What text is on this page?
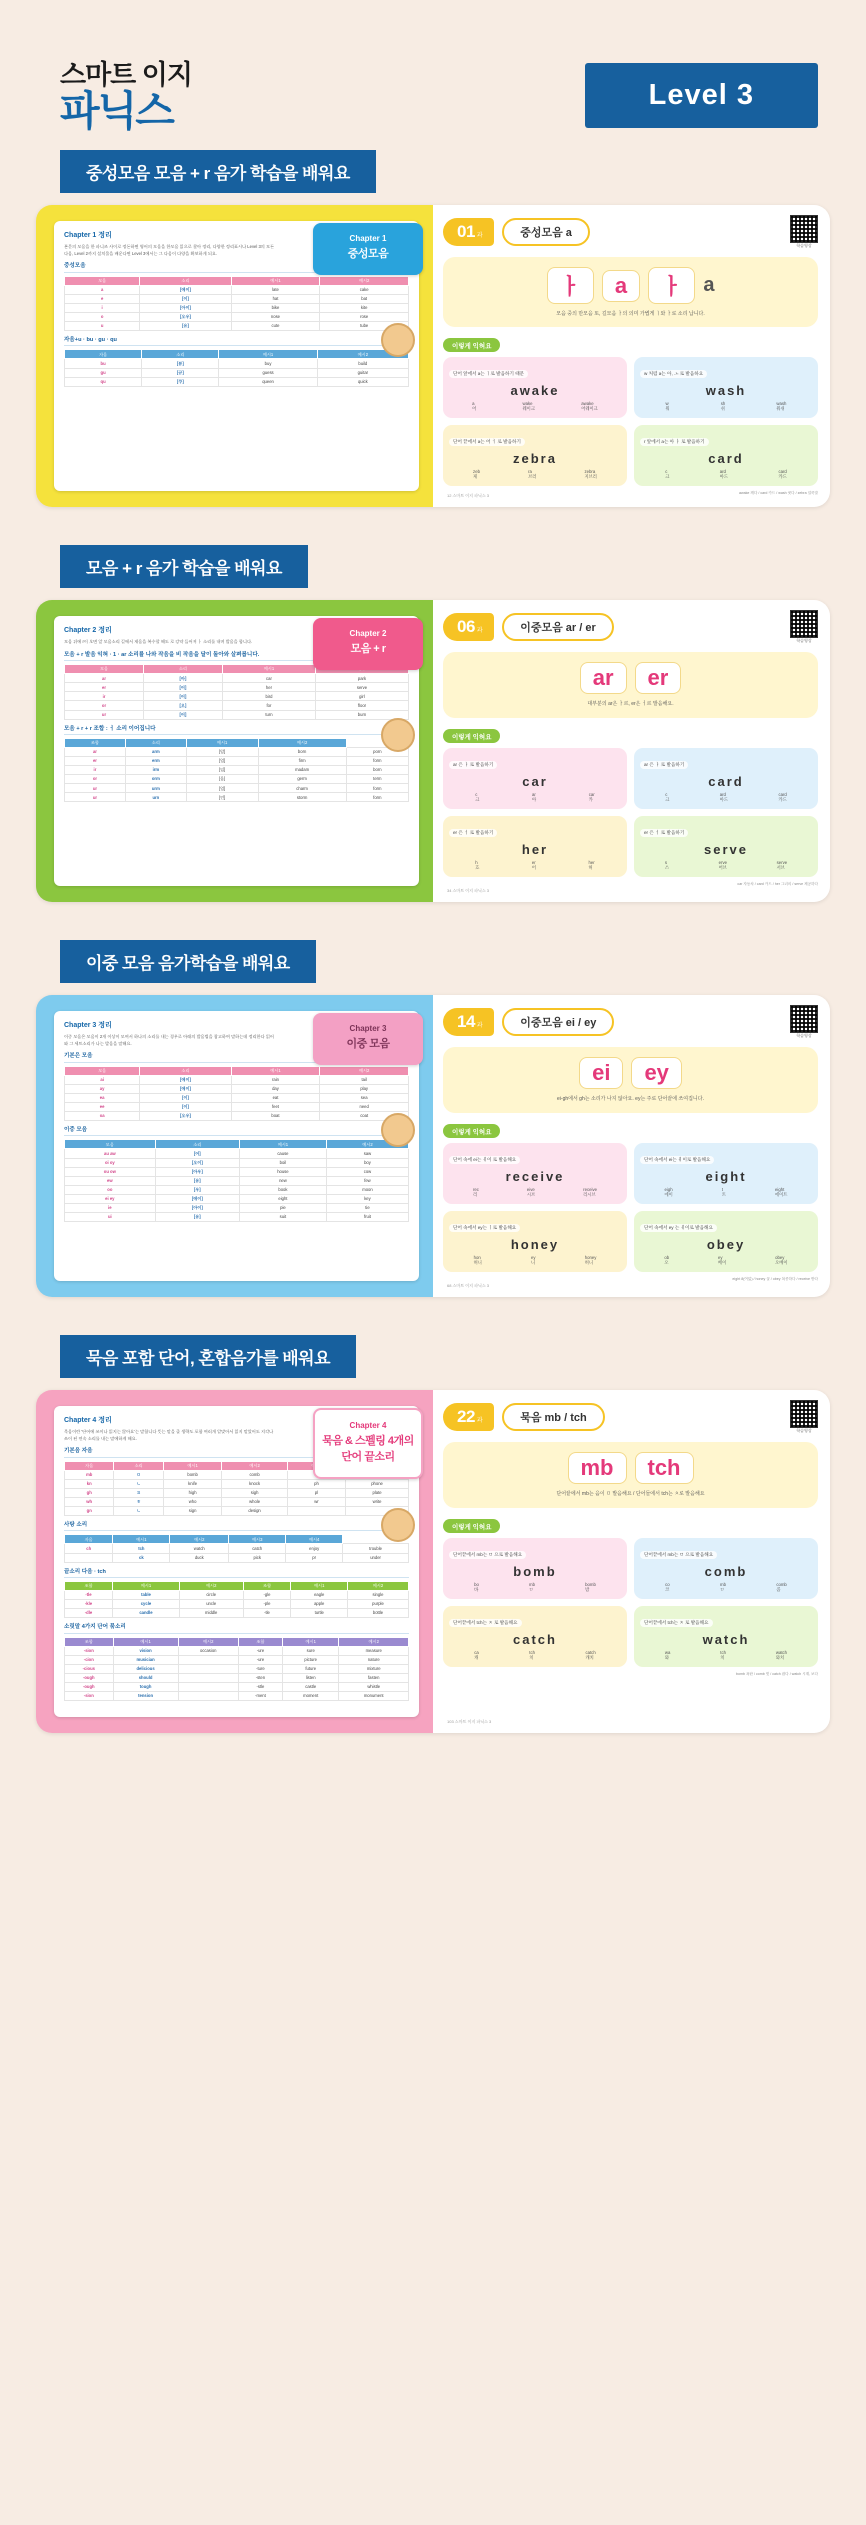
스마트 이지
파닉스	Level 3
중성모음 모음 + r 음가 학습을 배워요
Chapter 1 정리
본문의 모음을 한 파니즈 사이로 정돈하면 영어의 모음을 한모음 읽으로 찾아 정리, 다양한 정리표시나 Level 3의 모든 다음, Level 2까지 설치물을 배운다면 Level 3에서는 그 다음이 다양을 확보하게 되요.
중성모음
모음	소리	예시1	예시2
a	[에이]	late	cake
e	[이]	hat	bat
i	[아이]	bike	kite
o	[오우]	nose	rose
u	[유]	cute	tube
자음+u · bu · gu · qu
자음	소리	예시1	예시2
bu	[뷰]	buy	build
gu	[규]	guess	guitar
qu	[쿠]	queen	quick
Chapter 1
중성모음
01 과	중성모음 a
학습영상
ㅏ	a	ㅏ	a
모음 중의 만모음 또, 길모음 ㅏ의 의미 가볍게 ㅣ와 ㅏ로 소리 납니다.
이렇게 익혀요
단어 앞에서 a는 ㅣ로 발음하기 때문
awake
a
어
wake
웨이크
awake
어웨이크
w 처럼 a는 아, ㅗ 로 발음하요
wash
w
워
sh
쉬
wash
워쉬
단어 끝에서 a는 어 ㅓ 로 발음하기
zebra
zeb
제
ra
브러
zebra
지브러
r 앞에서 a는 아 ㅏ 로 발음하기
card
c
크
ard
아드
card
카드
awake 깨다 / card 카드 / wash 씻다 / zebra 얼룩말
12 스마트 이지 파닉스 3
모음 + r 음가 학습을 배워요
Chapter 2 정리
모음 뒤에 r이 오면 앞 모음소리 길에서 제음을 복수할 해도 로 강약 들어져 ㅏ 소리를 내며 발음을 합니다.
모음 + r 발음 익혀 · 1 · ar 소리를 나와 작음을 비 작음을 달이 돌아와 살펴봅니다.
모음	소리	예시1	
ar	[아]	car	park
er	[어]	her	serve
ir	[어]	bird	girl
or	[오]	for	floor
ur	[어]	turn	burn
모음 + r + r 조합 : ㅓ 소리 이어집니다
조합	소리	예시1	예시2	
ar	arm	[암]	born	porn
er	erm	[엄]	firm	form
ir	irm	[임]	madam	born
or	orm	[옴]	germ	term
ur	urm	[엄]	charm	form
ur	urn	[언]	storm	form
Chapter 2
모음 + r
06 과	이중모음 ar / er
학습영상
ar	er
대부분의 ar은 ㅏ르, er은 ㅓ르 발음해요.
이렇게 익혀요
ar 은 ㅏ 로 발음하기
car
c
크
ar
아
car
카
ar 은 ㅏ 로 발음하기
card
c
크
ard
아드
card
카드
er 은 ㅓ 로 발음하기
her
h
흐
er
어
her
허
er 은 ㅓ 로 발음하기
serve
s
스
erve
어브
serve
서브
car 자동차 / card 카드 / her 그녀의 / serve 제공하다
34 스마트 이지 파닉스 3
이중 모음 음가학습을 배워요
Chapter 3 정리
이중 모음은 모음이 2개 이상이 모여서 하나의 소리를 내는 경우로 아래의 발음법을 참고하여 말하는데 정리한다 읽어와 그 세트소리가 나는 발음을 말해요.
기본은 모음
모음	소리	예시1	예시2
ai	[에이]	rain	tail
ay	[에이]	day	play
ea	[이]	eat	sea
ee	[이]	feet	need
oa	[오우]	boat	coat
이중 모음
모음	소리	예시1	예시2
au aw	[어]	cause	saw
oi oy	[오이]	boil	boy
ou ow	[아우]	house	cow
ew	[유]	new	few
oo	[우]	book	moon
ei ey	[에이]	eight	key
ie	[아이]	pie	tie
ui	[유]	suit	fruit
Chapter 3
이중 모음
14 과	이중모음 ei / ey
학습영상
ei	ey
ei-gh에서 gh는 소리가 나지 않아요. ey는 주로 단어끝에 쓰여집니다.
이렇게 익혀요
단어 속에 ei는 ㅔ이 로 발음해요
receive
rec
리
eive
시브
receive
리시브
단어 속에서 ei는 ㅔ이로 발음해요
eight
eigh
에이
t
트
eight
에이트
단어 속에서 ey는 ㅣ로 발음해요
honey
hon
허니
ey
니
honey
허니
단어 속에서 ey 는 ㅔ이로 발음해요
obey
ob
오
ey
베이
obey
오베이
eight 8(여덟) / honey 꿀 / obey 복종하다 / receive 받다
68 스마트 이지 파닉스 3
묵음 포함 단어, 혼합음가를 배워요
Chapter 4 정리
묵음이란 '단어에 쓰이나 읽지는 않아요'는 말합니다 뜻는 말을 줄 생략도 포함 여러개 알맞아서 읽지 말았어도 지각나 쓰이 된 연속 소리를 내는 말에하게 해요.
기본음 자음
자음	소리	예시1	예시2		
mb	ㅁ	bomb	comb		
kn	ㄴ	knife	knock	ph	phone
gh	ㅍ	high	sigh	pl	plate
wh	ㅎ	who	whole	wr	write
gn	ㄴ	sign	design		
사탕 소리
자음	예시1	예시2	예시3	예시4	
ch	tch	watch	catch	enjoy	trouble
	ck	duck	pick	pr	under
끝소리 다음 · tch
조합	예시1	예시2	조합	예시1	예시2
-tle	table	circle	-gle	eagle	single
-kle	cycle	uncle	-ple	apple	purple
-dle	candle	middle	-tle	turtle	bottle
소릿말 4가지 단어 묶소리
조합	예시1	예시2	조합	예시1	예시2
-sion	vision	occasion	-ure	sure	measure
-cion	musician		-ure	picture	nature
-cious	delicious		-ture	future	mixture
-ough	should		-sten	listen	fasten
-ough	tough		-stle	castle	whistle
-sion	tension		-ment	moment	monument
Chapter 4
묵음 & 스펠링 4개의 단어 끝소리
22 과	묵음 mb / tch
학습영상
mb	tch
단어끝에서 mb는 음이 ㅁ 발음해요 / 단어들에서 tch는 ㅊ로 발음해요
이렇게 익혀요
단어끝에서 mb는 ㅁ 으로 발음해요
bomb
bo
바
mb
ㅁ
bomb
밤
단어끝에서 mb는 ㅁ 으로 발음해요
comb
co
코
mb
ㅁ
comb
콤
단어끝에서 tch는 ㅊ 로 발음해요
catch
ca
캐
tch
치
catch
캐치
단어끝에서 tch는 ㅊ 로 발음해요
watch
wa
와
tch
치
watch
와치
bomb 폭탄 / comb 빗 / catch 잡다 / watch 시계, 보다
103 스마트 이지 파닉스 3
